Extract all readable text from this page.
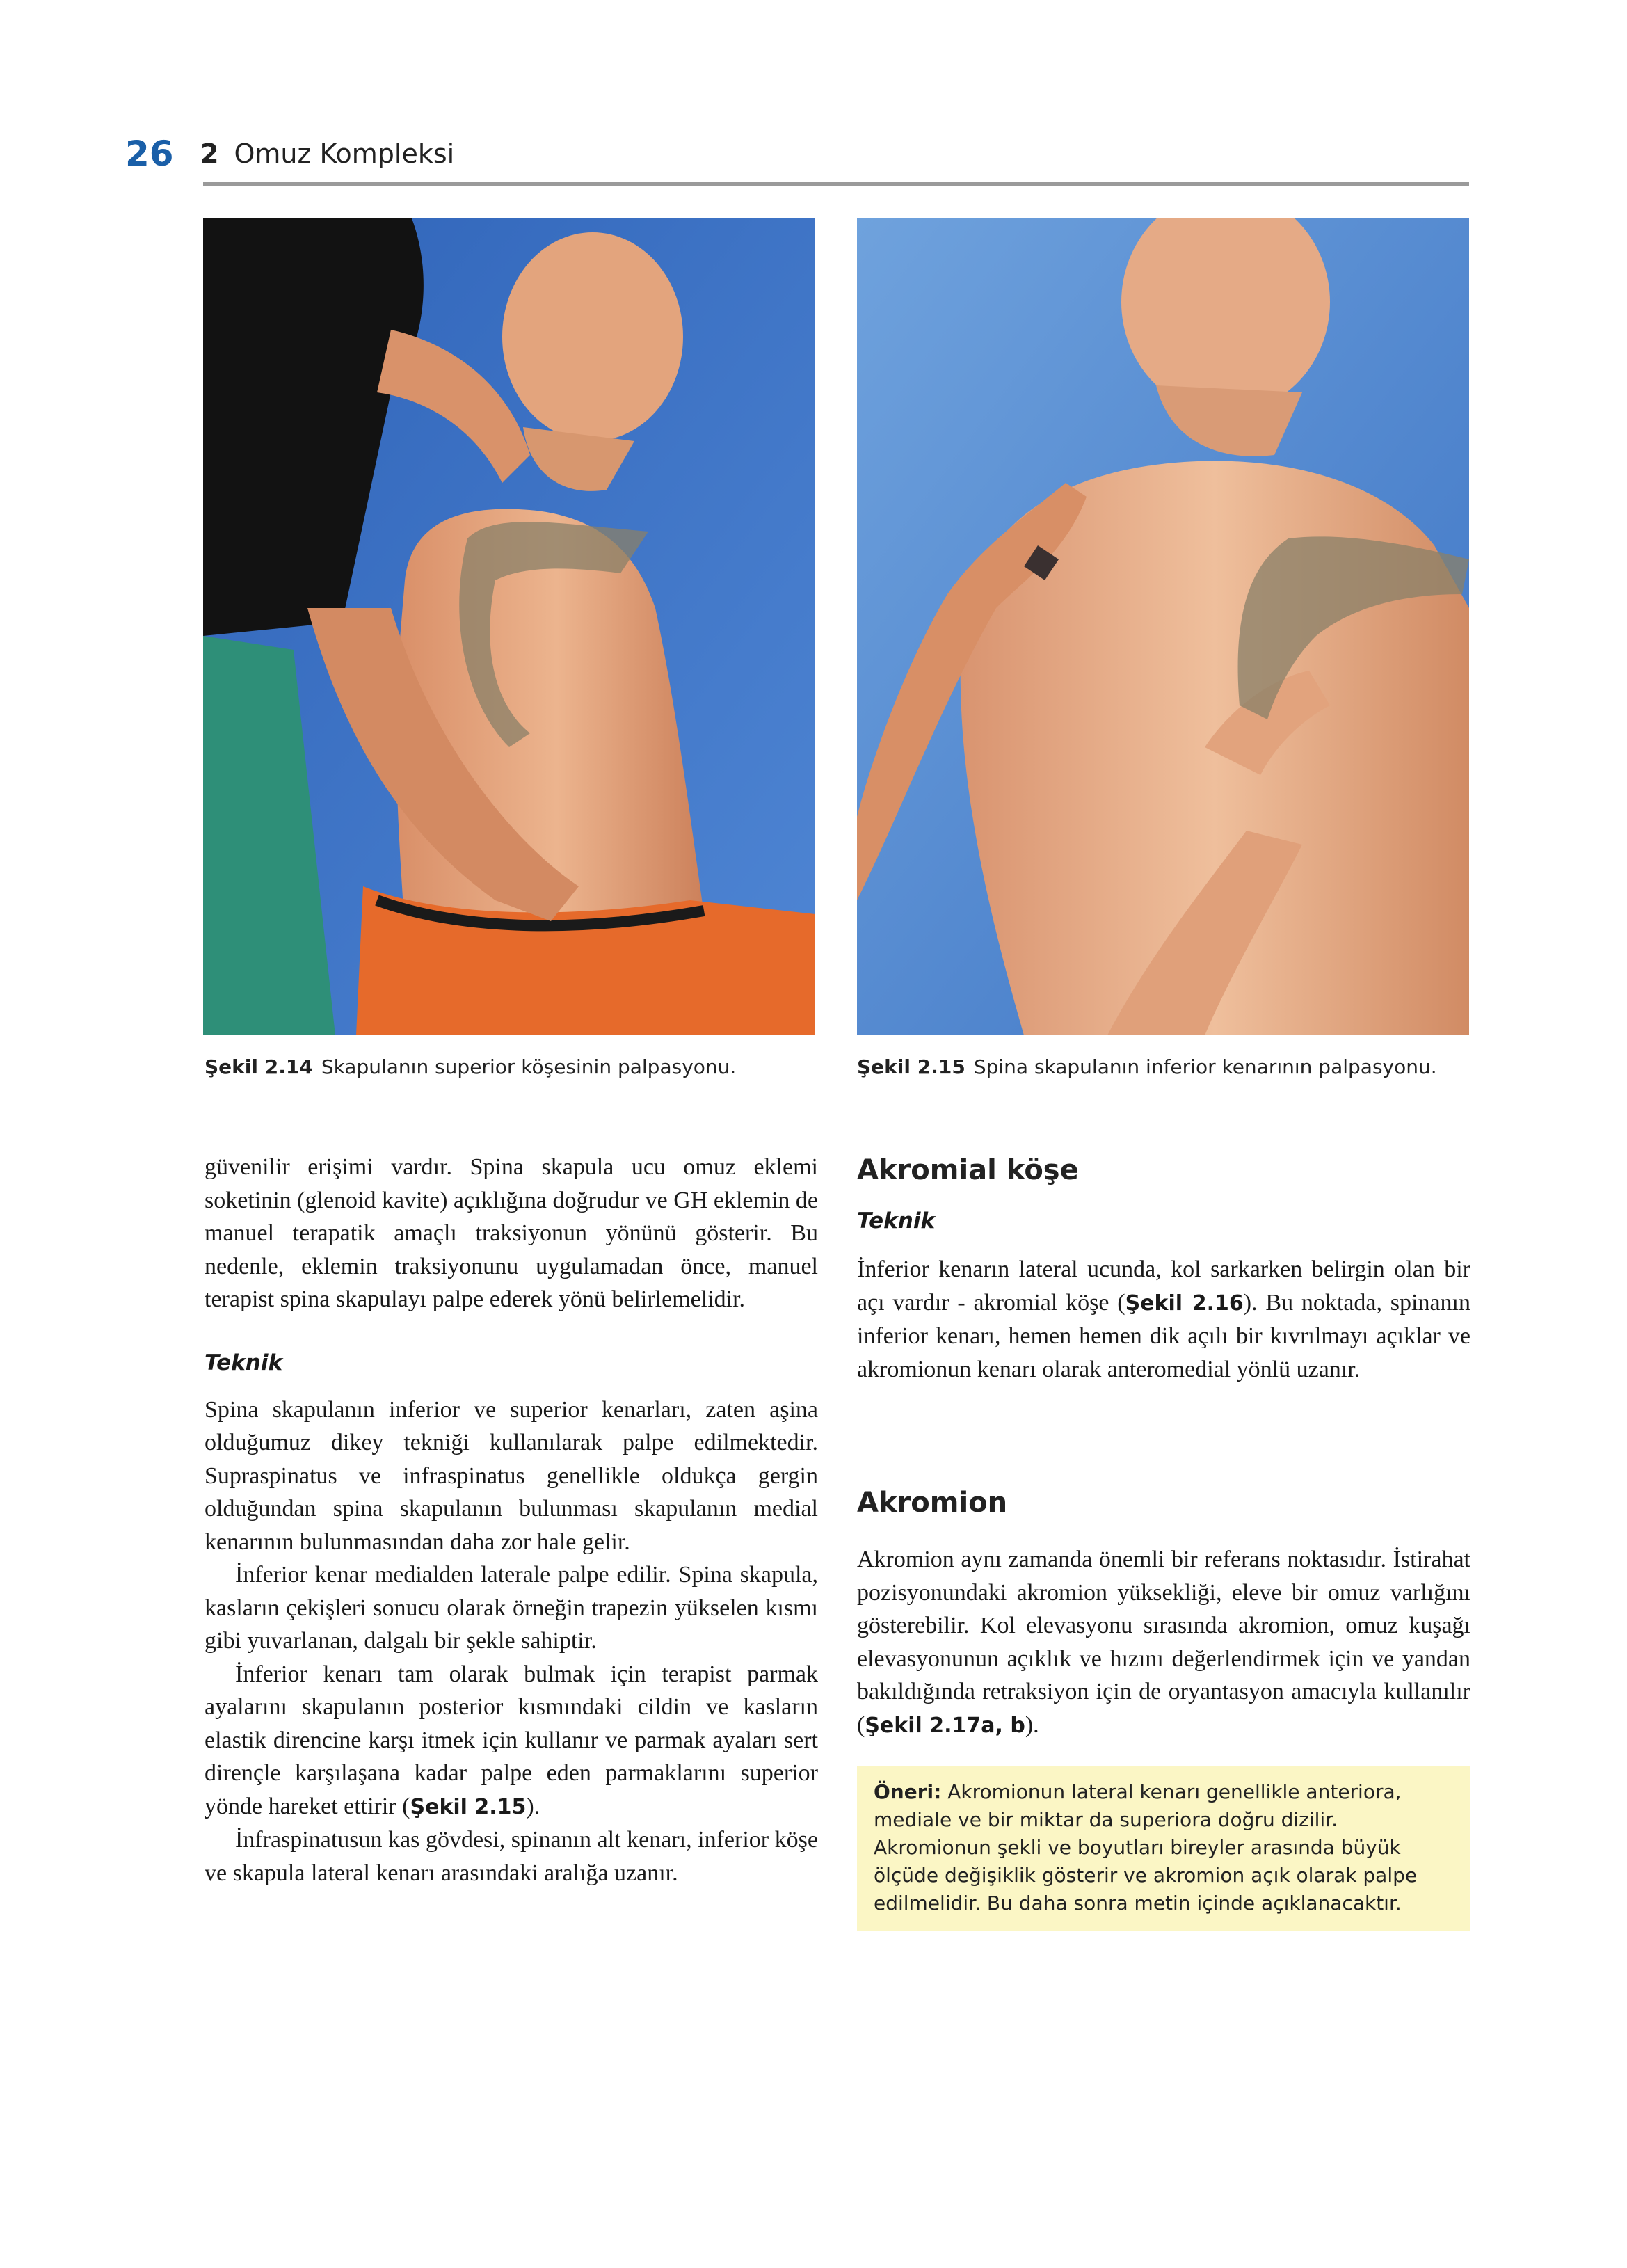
26 2 Omuz Kompleksi
Şekil 2.14 Skapulanın superior köşesinin palpasyonu.	Şekil 2.15 Spina skapulanın inferior kenarının palpasyonu.

güvenilir erişimi vardır. Spina skapula ucu omuz eklemi soketinin (glenoid kavite) açıklığına doğrudur ve GH eklemin de manuel terapatik amaçlı traksiyonun yönünü gösterir. Bu nedenle, eklemin traksiyonunu uygulamadan önce, manuel terapist spina skapulayı palpe ederek yönü belirlemelidir.

Teknik

Spina skapulanın inferior ve superior kenarları, zaten aşina olduğumuz dikey tekniği kullanılarak palpe edilmektedir. Supraspinatus ve infraspinatus genellikle oldukça gergin olduğundan spina skapulanın bulunması skapulanın medial kenarının bulunmasından daha zor hale gelir.

İnferior kenar medialden laterale palpe edilir. Spina skapula, kasların çekişleri sonucu olarak örneğin trapezin yükselen kısmı gibi yuvarlanan, dalgalı bir şekle sahiptir.

İnferior kenarı tam olarak bulmak için terapist parmak ayalarını skapulanın posterior kısmındaki cildin ve kasların elastik direncine karşı itmek için kullanır ve parmak ayaları sert dirençle karşılaşana kadar palpe eden parmaklarını superior yönde hareket ettirir (Şekil 2.15).

İnfraspinatusun kas gövdesi, spinanın alt kenarı, inferior köşe ve skapula lateral kenarı arasındaki aralığa uzanır.

Akromial köşe

Teknik

İnferior kenarın lateral ucunda, kol sarkarken belirgin olan bir açı vardır - akromial köşe (Şekil 2.16). Bu noktada, spinanın inferior kenarı, hemen hemen dik açılı bir kıvrılmayı açıklar ve akromionun kenarı olarak anteromedial yönlü uzanır.

Akromion

Akromion aynı zamanda önemli bir referans noktasıdır. İstirahat pozisyonundaki akromion yüksekliği, eleve bir omuz varlığını gösterebilir. Kol elevasyonu sırasında akromion, omuz kuşağı elevasyonunun açıklık ve hızını değerlendirmek için ve yandan bakıldığında retraksiyon için de oryantasyon amacıyla kullanılır (Şekil 2.17a, b).

Öneri: Akromionun lateral kenarı genellikle anteriora, mediale ve bir miktar da superiora doğru dizilir. Akromionun şekli ve boyutları bireyler arasında büyük ölçüde değişiklik gösterir ve akromion açık olarak palpe edilmelidir. Bu daha sonra metin içinde açıklanacaktır.
